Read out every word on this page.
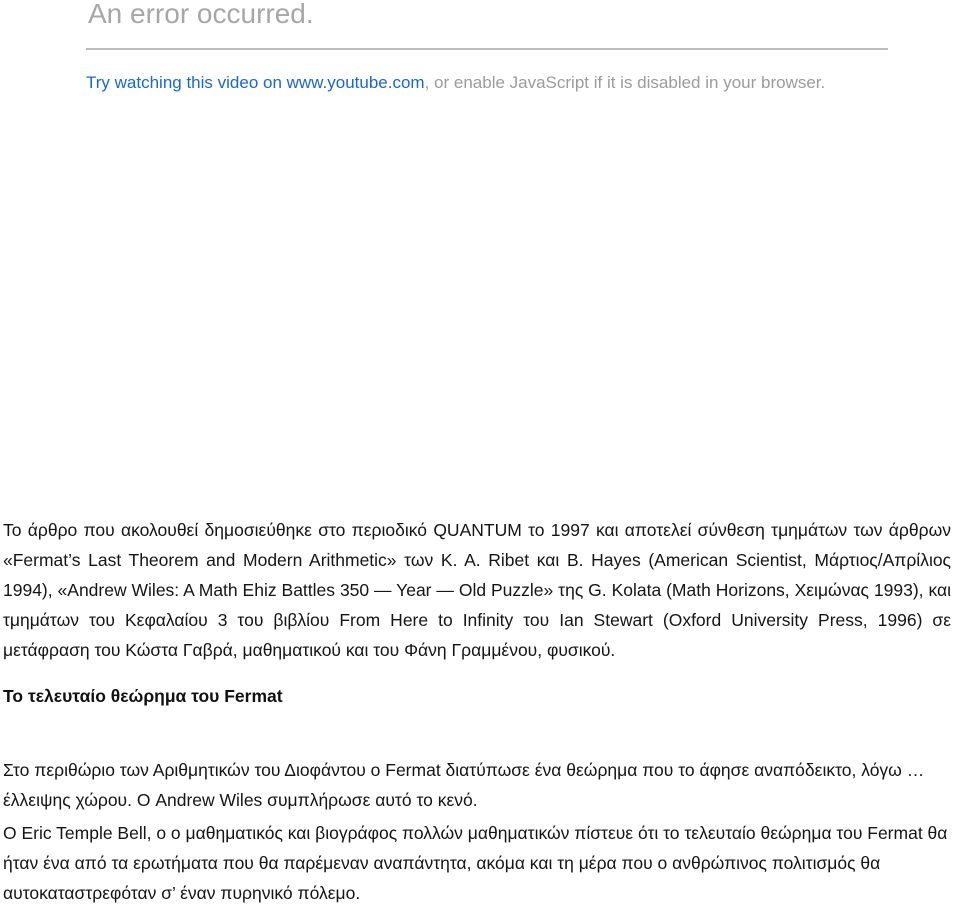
An error occurred.
Try watching this video on www.youtube.com, or enable JavaScript if it is disabled in your browser.

Το άρθρο που ακολουθεί δημοσιεύθηκε στο περιοδικό QUANTUM το 1997 και αποτελεί σύνθεση τμημάτων των άρθρων «Fermat’s Last Theorem and Modern Arithmetic» των K. A. Ribet και B. Hayes (American Scientist, Μάρτιος/Απρίλιος 1994), «Andrew Wiles: A Math Ehiz Battles 350 — Year — Old Puzzle» της G. Kolata (Math Horizons, Χειμώνας 1993), και τμημάτων του Κεφαλαίου 3 του βιβλίου From Here to Infinity του Ian Stewart (Oxford University Press, 1996) σε μετάφραση του Κώστα Γαβρά, μαθηματικού και του Φάνη Γραμμένου, φυσικού.

Το τελευταίο θεώρημα του Fermat

Στο περιθώριο των Αριθμητικών του Διοφάντου ο Fermat διατύπωσε ένα θεώρημα που το άφησε αναπόδεικτο, λόγω … έλλειψης χώρου. Ο Andrew Wiles συμπλήρωσε αυτό το κενό.

Ο Eric Temple Bell, ο ο μαθηματικός και βιογράφος πολλών μαθηματικών πίστευε ότι το τελευταίο θεώρημα του Fermat θα ήταν ένα από τα ερωτήματα που θα παρέμεναν αναπάντητα, ακόμα και τη μέρα που ο ανθρώπινος πολιτισμός θα αυτοκαταστρεφόταν σ’ έναν πυρηνικό πόλεμο.
